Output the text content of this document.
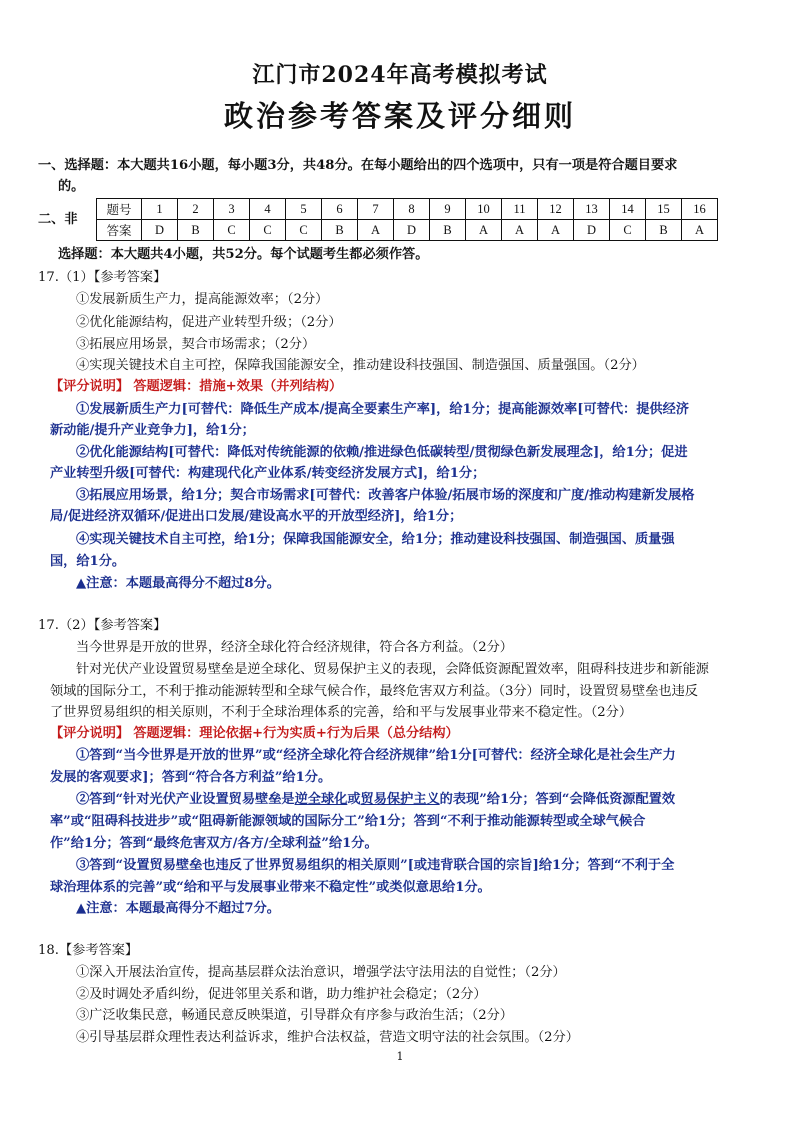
江门市2024年高考模拟考试
政治参考答案及评分细则
一、选择题：本大题共16小题，每小题3分，共48分。在每小题给出的四个选项中，只有一项是符合题目要求
的。
二、非
题号	1	2	3	4	5	6	7	8	9	10	11	12	13	14	15	16
答案	D	B	C	C	C	B	A	D	B	A	A	A	D	C	B	A
选择题：本大题共4小题，共52分。每个试题考生都必须作答。
17.（1）【参考答案】
①发展新质生产力，提高能源效率；（2分）
②优化能源结构，促进产业转型升级；（2分）
③拓展应用场景，契合市场需求；（2分）
④实现关键技术自主可控，保障我国能源安全，推动建设科技强国、制造强国、质量强国。（2分）
【评分说明】 答题逻辑：措施+效果（并列结构）
①发展新质生产力[可替代：降低生产成本/提高全要素生产率]，给1分；提高能源效率[可替代：提供经济
新动能/提升产业竞争力]，给1分；
②优化能源结构[可替代：降低对传统能源的依赖/推进绿色低碳转型/贯彻绿色新发展理念]，给1分；促进
产业转型升级[可替代：构建现代化产业体系/转变经济发展方式]，给1分；
③拓展应用场景，给1分；契合市场需求[可替代：改善客户体验/拓展市场的深度和广度/推动构建新发展格
局/促进经济双循环/促进出口发展/建设高水平的开放型经济]，给1分；
④实现关键技术自主可控，给1分；保障我国能源安全，给1分；推动建设科技强国、制造强国、质量强
国，给1分。
▲注意：本题最高得分不超过8分。
17.（2）【参考答案】
当今世界是开放的世界，经济全球化符合经济规律，符合各方利益。（2分）
针对光伏产业设置贸易壁垒是逆全球化、贸易保护主义的表现，会降低资源配置效率，阻碍科技进步和新能源
领域的国际分工，不利于推动能源转型和全球气候合作，最终危害双方利益。（3分）同时，设置贸易壁垒也违反
了世界贸易组织的相关原则，不利于全球治理体系的完善，给和平与发展事业带来不稳定性。（2分）
【评分说明】 答题逻辑：理论依据+行为实质+行为后果（总分结构）
①答到“当今世界是开放的世界”或“经济全球化符合经济规律”给1分[可替代：经济全球化是社会生产力
发展的客观要求]；答到“符合各方利益”给1分。
②答到“针对光伏产业设置贸易壁垒是逆全球化或贸易保护主义的表现”给1分；答到“会降低资源配置效
率”或“阻碍科技进步”或“阻碍新能源领域的国际分工”给1分；答到“不利于推动能源转型或全球气候合
作”给1分；答到“最终危害双方/各方/全球利益”给1分。
③答到“设置贸易壁垒也违反了世界贸易组织的相关原则”[或违背联合国的宗旨]给1分；答到“不利于全
球治理体系的完善”或“给和平与发展事业带来不稳定性”或类似意思给1分。
▲注意：本题最高得分不超过7分。
18.【参考答案】
①深入开展法治宣传，提高基层群众法治意识，增强学法守法用法的自觉性；（2分）
②及时调处矛盾纠纷，促进邻里关系和谐，助力维护社会稳定；（2分）
③广泛收集民意，畅通民意反映渠道，引导群众有序参与政治生活；（2分）
④引导基层群众理性表达利益诉求，维护合法权益，营造文明守法的社会氛围。（2分）
1
